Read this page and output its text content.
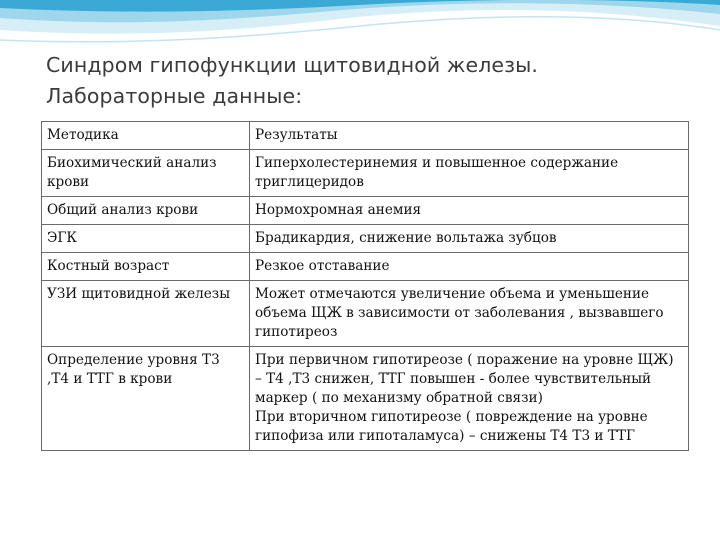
Синдром гипофункции щитовидной железы.
Лабораторные данные:
Методика	Результаты
Биохимический анализ крови	Гиперхолестеринемия и повышенное содержание триглицеридов

Общий анализ крови	Нормохромная анемия

ЭГК	Брадикардия, снижение вольтажа зубцов

Костный возраст	Резкое отставание

УЗИ щитовидной железы	Может отмечаются увеличение объема и уменьшение объема ЩЖ в зависимости от заболевания , вызвавшего гипотиреоз

Определение уровня Т3 ,Т4 и ТТГ в крови	При первичном гипотиреозе ( поражение на уровне ЩЖ) – Т4 ,Т3 снижен, ТТГ повышен - более чувствительный маркер ( по механизму обратной связи)
При вторичном гипотиреозе ( повреждение на уровне гипофиза или гипоталамуса) – снижены Т4 Т3 и ТТГ
